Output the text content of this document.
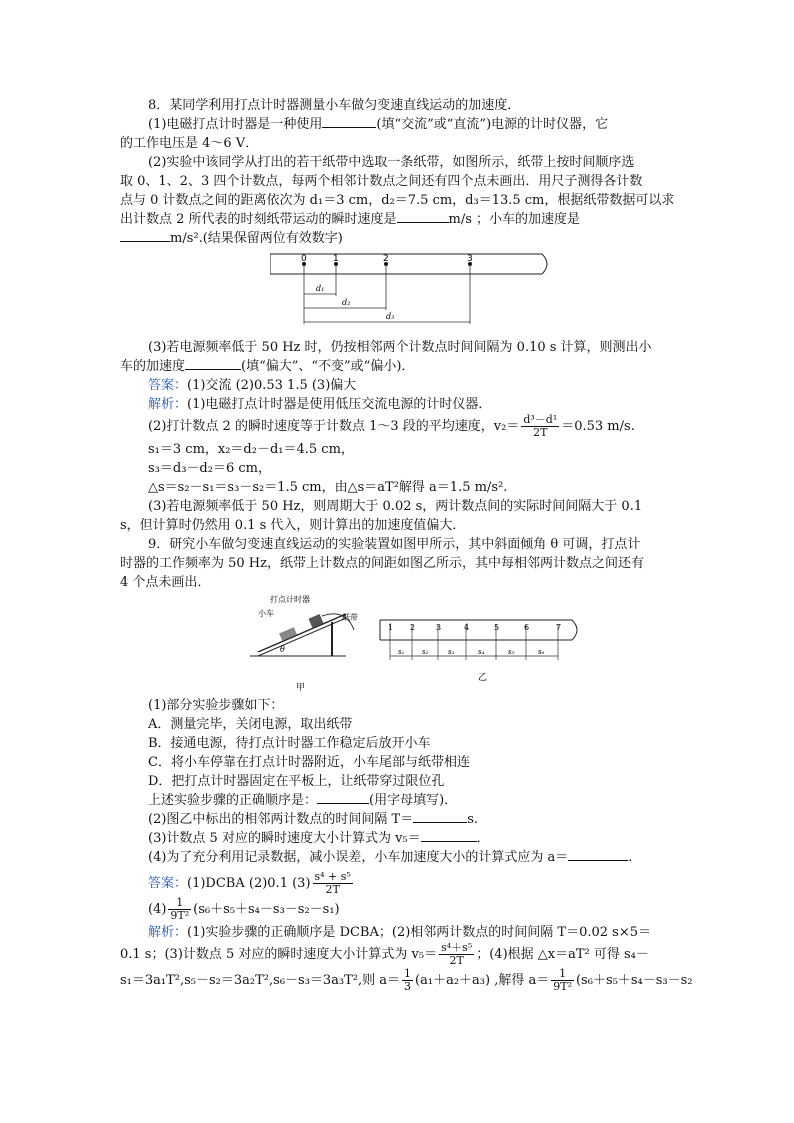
8．某同学利用打点计时器测量小车做匀变速直线运动的加速度．

(1)电磁打点计时器是一种使用	(填“交流”或“直流”)电源的计时仪器，它

的工作电压是 4～6 V．

(2)实验中该同学从打出的若干纸带中选取一条纸带，如图所示，纸带上按时间顺序选

取 0、1、2、3 四个计数点，每两个相邻计数点之间还有四个点未画出．用尺子测得各计数

点与 0 计数点之间的距离依次为 d₁＝3 cm，d₂＝7.5 cm，d₃＝13.5 cm，根据纸带数据可以求

出计数点 2 所代表的时刻纸带运动的瞬时速度是	m/s ；小车的加速度是

m/s².(结果保留两位有效数字)

0	1	2	3
d₁
d₂
d₃

(3)若电源频率低于 50 Hz 时，仍按相邻两个计数点时间间隔为 0.10 s 计算，则测出小

车的加速度	(填“偏大”、“不变”或“偏小)．

答案：(1)交流 (2)0.53 1.5 (3)偏大

解析：(1)电磁打点计时器是使用低压交流电源的计时仪器．

(2)打计数点 2 的瞬时速度等于计数点 1～3 段的平均速度，$v_2= \frac{\text{d³－d¹}}{2T} =0.53$ m/s.

s₁＝3 cm，x₂＝d₂－d₁＝4.5 cm，

s₃＝d₃－d₂＝6 cm，

△s＝s₂－s₁＝s₃－s₂＝1.5 cm，由△s＝aT²解得 a＝1.5 m/s².

(3)若电源频率低于 50 Hz，则周期大于 0.02 s，两计数点间的实际时间间隔大于 0.1

s，但计算时仍然用 0.1 s 代入，则计算出的加速度值偏大．

9．研究小车做匀变速直线运动的实验装置如图甲所示，其中斜面倾角 θ 可调，打点计

时器的工作频率为 50 Hz，纸带上计数点的间距如图乙所示，其中每相邻两计数点之间还有

4 个点未画出．

打点计时器
小车	纸带
θ
甲
1 2	3	4	5	6	7
s₁	s₂	s₃	s₄	s₅	s₆
乙

(1)部分实验步骤如下：

A．测量完毕，关闭电源，取出纸带

B．接通电源，待打点计时器工作稳定后放开小车

C．将小车停靠在打点计时器附近，小车尾部与纸带相连

D．把打点计时器固定在平板上，让纸带穿过限位孔

上述实验步骤的正确顺序是：	(用字母填写)．

(2)图乙中标出的相邻两计数点的时间间隔 T＝	s.

(3)计数点 5 对应的瞬时速度大小计算式为 v₅＝	．

(4)为了充分利用记录数据，减小误差，小车加速度大小的计算式应为 a＝	．

答案：(1)DCBA (2)0.1 $(3) \frac{\text{s⁴ + s⁵}}{2T}$

$(4) \frac{1}{\text{9T²}} (s_6+s_5+s_4-s_3-s_2-s_1)$

解析：(1)实验步骤的正确顺序是 DCBA；(2)相邻两计数点的时间间隔 T＝0.02 s×5＝

0.1 s；(3)计数点 5 对应的瞬时速度大小计算式为 $v_5= \frac{\text{s⁴＋s⁵}}{2T}$ ；(4)根据 △x＝aT² 可得 s₄－

s₁＝3a₁T²,s₅－s₂＝3a₂T²,s₆－s₃＝3a₃T²,则 $a= \frac{1}{3} (a_1+a_2+a_3)$ ,解得 $a= \frac{1}{\text{9T²}} (s_6+s_5+s_4-s_3-s_2$
